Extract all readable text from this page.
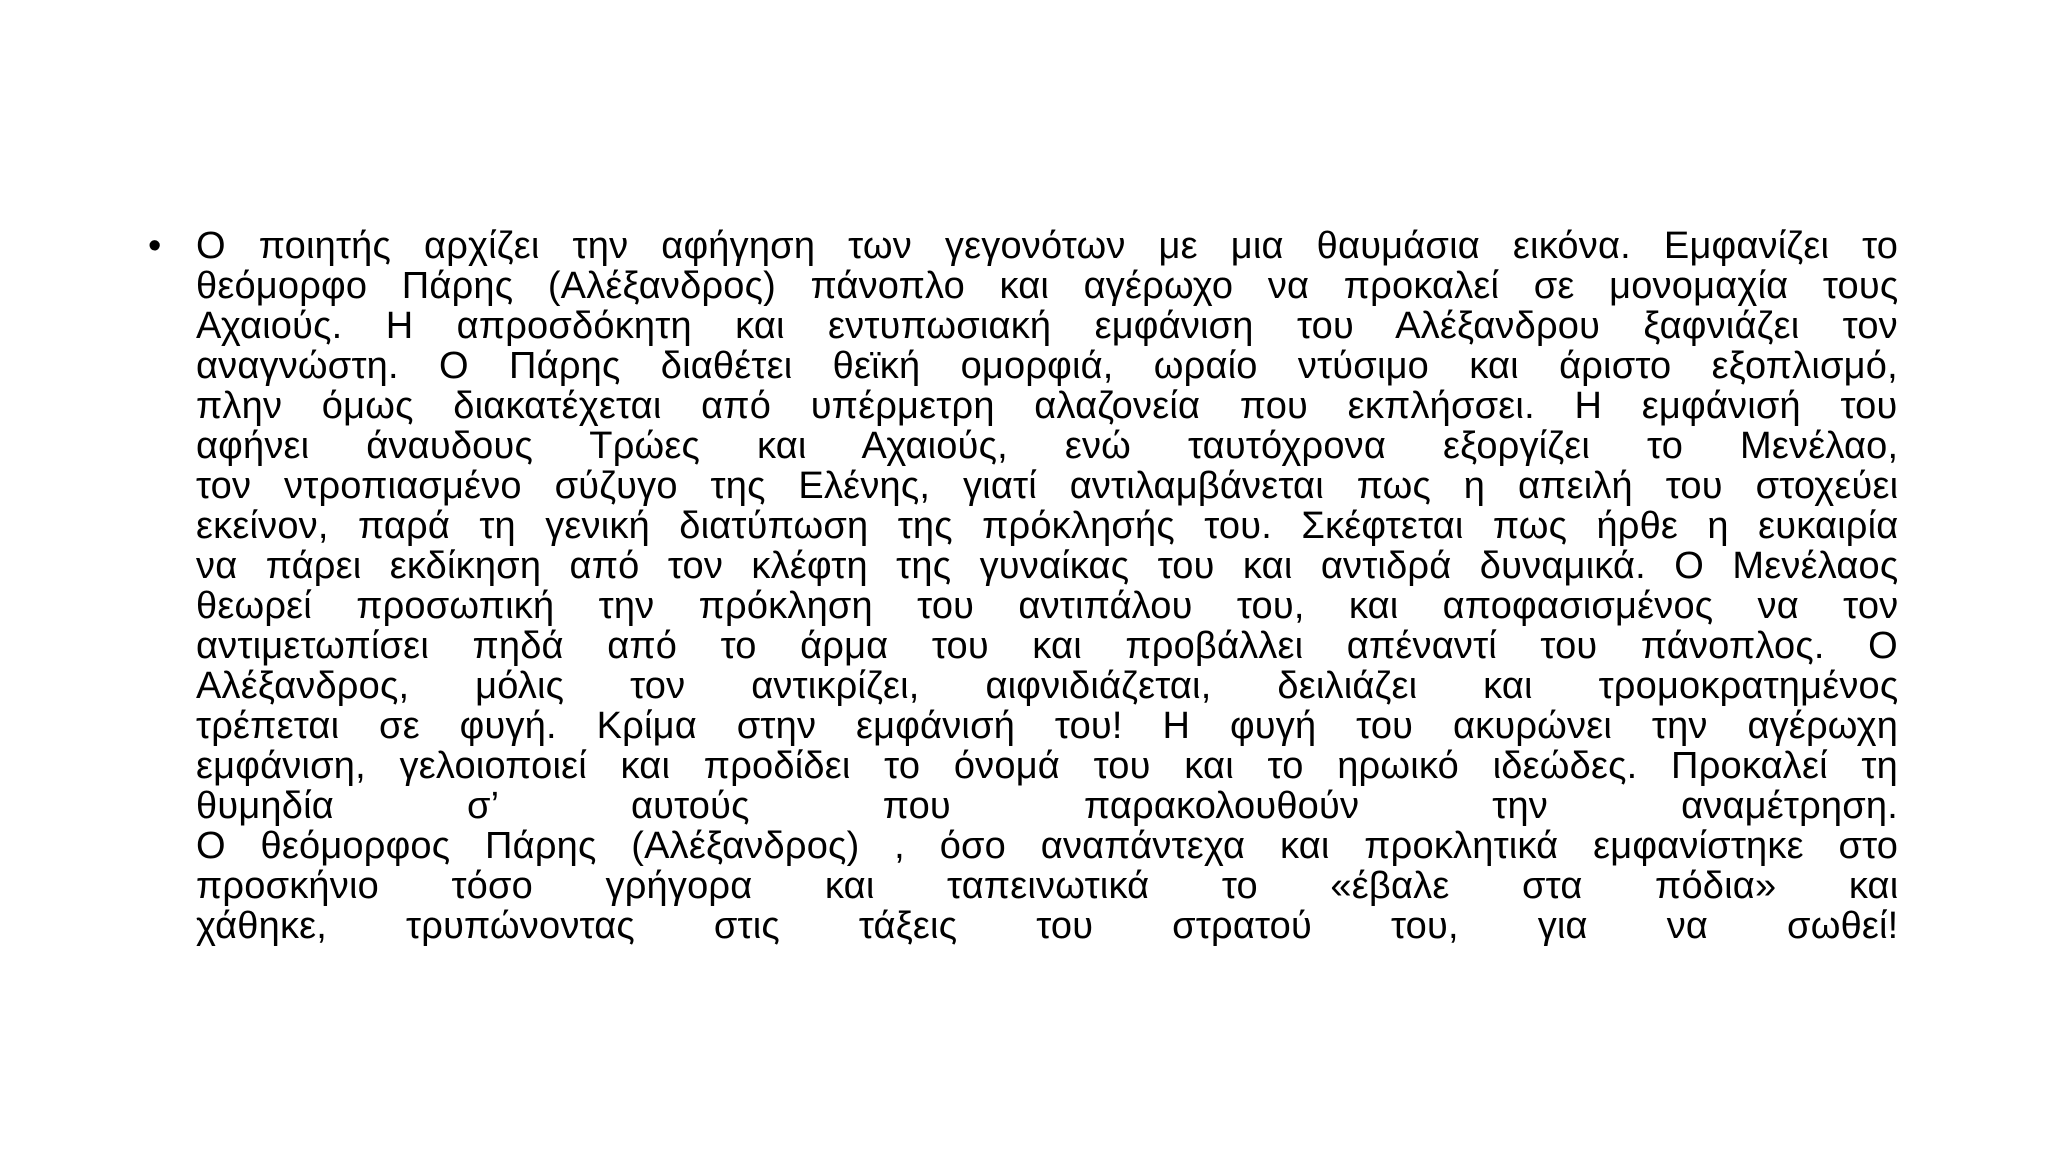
• Ο ποιητής αρχίζει την αφήγηση των γεγονότων με μια θαυμάσια εικόνα. Εμφανίζει το
θεόμορφο Πάρης (Αλέξανδρος) πάνοπλο και αγέρωχο να προκαλεί σε μονομαχία τους
Αχαιούς. Η απροσδόκητη και εντυπωσιακή εμφάνιση του Αλέξανδρου ξαφνιάζει τον
αναγνώστη. Ο Πάρης διαθέτει θεϊκή ομορφιά, ωραίο ντύσιμο και άριστο εξοπλισμό,
πλην όμως διακατέχεται από υπέρμετρη αλαζονεία που εκπλήσσει. Η εμφάνισή του
αφήνει άναυδους Τρώες και Αχαιούς, ενώ ταυτόχρονα εξοργίζει το Μενέλαο,
τον ντροπιασμένο σύζυγο της Ελένης, γιατί αντιλαμβάνεται πως η απειλή του στοχεύει
εκείνον, παρά τη γενική διατύπωση της πρόκλησής του. Σκέφτεται πως ήρθε η ευκαιρία
να πάρει εκδίκηση από τον κλέφτη της γυναίκας του και αντιδρά δυναμικά. Ο Μενέλαος
θεωρεί προσωπική την πρόκληση του αντιπάλου του, και αποφασισμένος να τον
αντιμετωπίσει πηδά από το άρμα του και προβάλλει απέναντί του πάνοπλος. Ο
Αλέξανδρος, μόλις τον αντικρίζει, αιφνιδιάζεται, δειλιάζει και τρομοκρατημένος
τρέπεται σε φυγή. Κρίμα στην εμφάνισή του! Η φυγή του ακυρώνει την αγέρωχη
εμφάνιση, γελοιοποιεί και προδίδει το όνομά του και το ηρωικό ιδεώδες. Προκαλεί τη
θυμηδία σ’ αυτούς που παρακολουθούν την αναμέτρηση.
Ο θεόμορφος Πάρης (Αλέξανδρος) , όσο αναπάντεχα και προκλητικά εμφανίστηκε στο
προσκήνιο τόσο γρήγορα και ταπεινωτικά το «έβαλε στα πόδια» και
χάθηκε, τρυπώνοντας στις τάξεις του στρατού του, για να σωθεί!
